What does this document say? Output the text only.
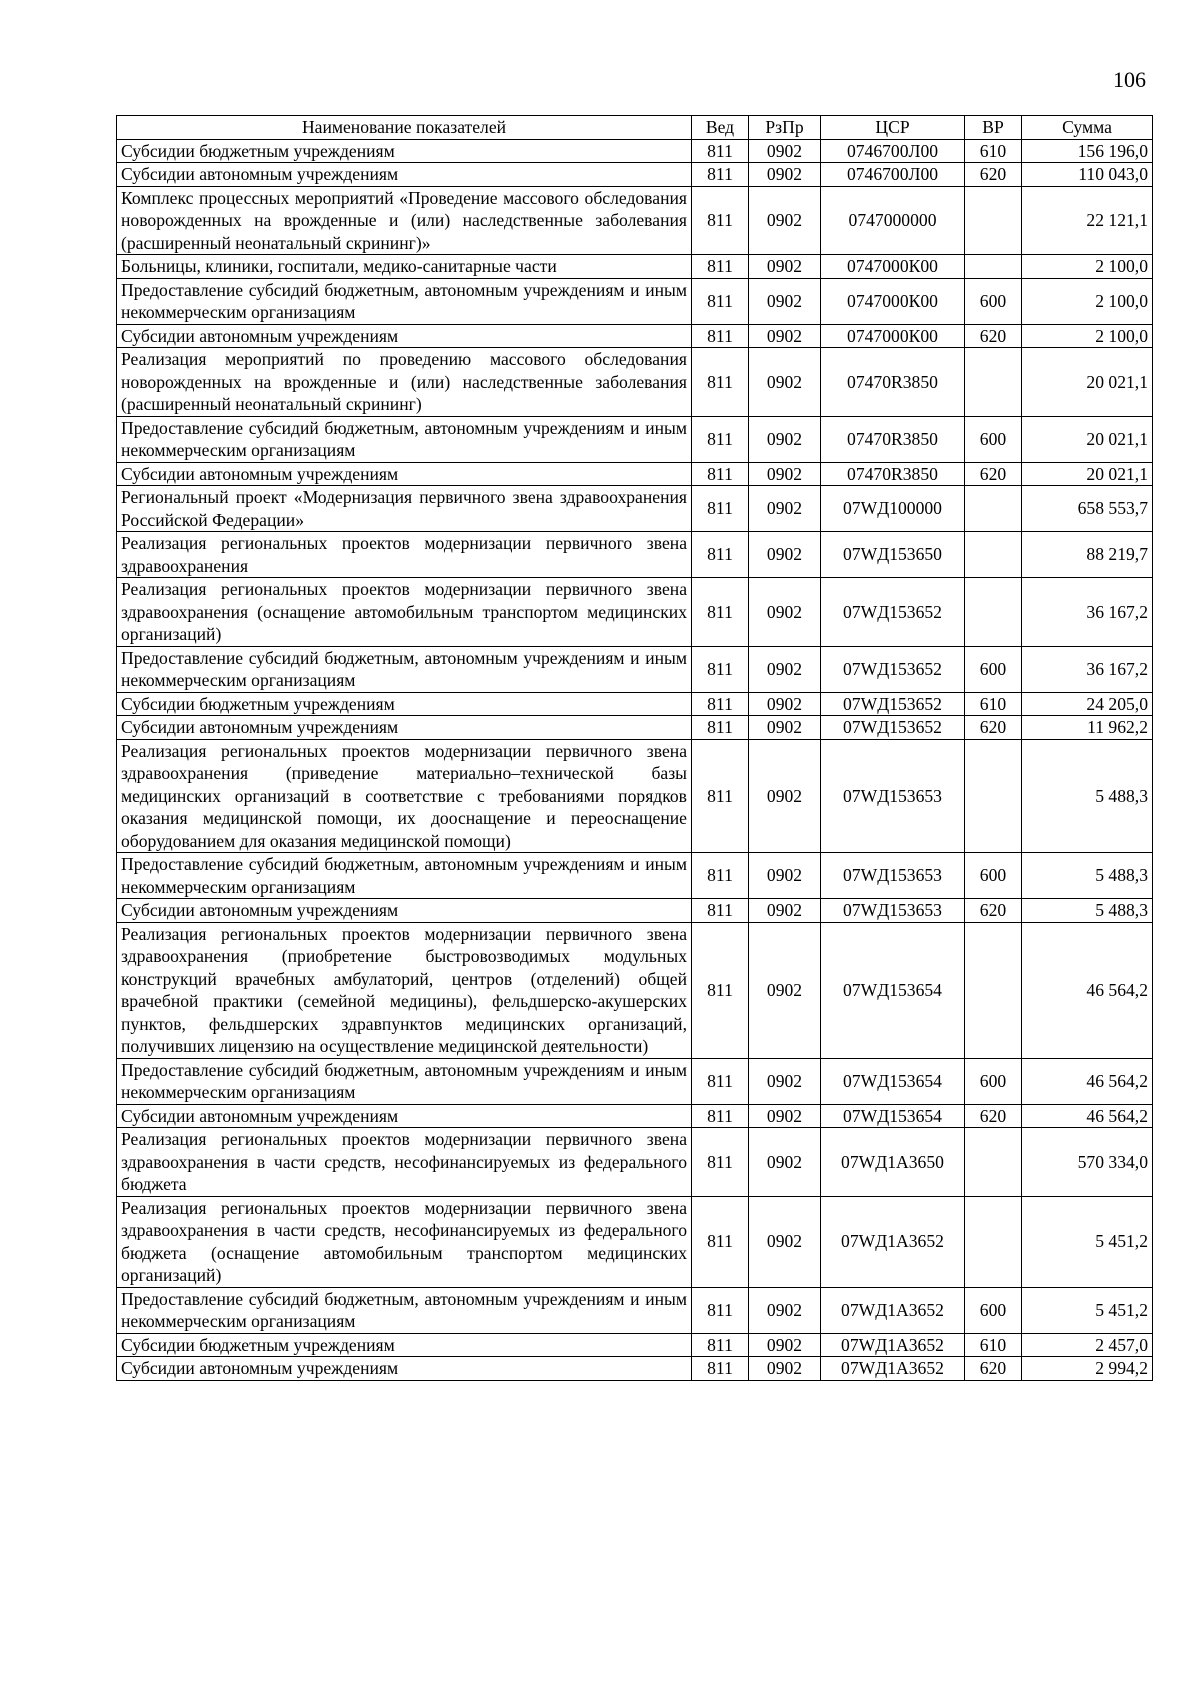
106
Наименование показателей	Вед	РзПр	ЦСР	ВР	Сумма
Субсидии бюджетным учреждениям	811	0902	0746700Л00	610	156 196,0
Субсидии автономным учреждениям	811	0902	0746700Л00	620	110 043,0
Комплекс процессных мероприятий «Проведение массового обследования новорожденных на врожденные и (или) наследственные заболевания (расширенный неонатальный скрининг)»	811	0902	0747000000		22 121,1
Больницы, клиники, госпитали, медико-санитарные части	811	0902	0747000К00		2 100,0
Предоставление субсидий бюджетным, автономным учреждениям и иным некоммерческим организациям	811	0902	0747000К00	600	2 100,0
Субсидии автономным учреждениям	811	0902	0747000К00	620	2 100,0
Реализация мероприятий по проведению массового обследования новорожденных на врожденные и (или) наследственные заболевания (расширенный неонатальный скрининг)	811	0902	07470R3850		20 021,1
Предоставление субсидий бюджетным, автономным учреждениям и иным некоммерческим организациям	811	0902	07470R3850	600	20 021,1
Субсидии автономным учреждениям	811	0902	07470R3850	620	20 021,1
Региональный проект «Модернизация первичного звена здравоохранения Российской Федерации»	811	0902	07WД100000		658 553,7
Реализация региональных проектов модернизации первичного звена здравоохранения	811	0902	07WД153650		88 219,7
Реализация региональных проектов модернизации первичного звена здравоохранения (оснащение автомобильным транспортом медицинских организаций)	811	0902	07WД153652		36 167,2
Предоставление субсидий бюджетным, автономным учреждениям и иным некоммерческим организациям	811	0902	07WД153652	600	36 167,2
Субсидии бюджетным учреждениям	811	0902	07WД153652	610	24 205,0
Субсидии автономным учреждениям	811	0902	07WД153652	620	11 962,2
Реализация региональных проектов модернизации первичного звена здравоохранения (приведение материально–технической базы медицинских организаций в соответствие с требованиями порядков оказания медицинской помощи, их дооснащение и переоснащение оборудованием для оказания медицинской помощи)	811	0902	07WД153653		5 488,3
Предоставление субсидий бюджетным, автономным учреждениям и иным некоммерческим организациям	811	0902	07WД153653	600	5 488,3
Субсидии автономным учреждениям	811	0902	07WД153653	620	5 488,3
Реализация региональных проектов модернизации первичного звена здравоохранения (приобретение быстровозводимых модульных конструкций врачебных амбулаторий, центров (отделений) общей врачебной практики (семейной медицины), фельдшерско-акушерских пунктов, фельдшерских здравпунктов медицинских организаций, получивших лицензию на осуществление медицинской деятельности)	811	0902	07WД153654		46 564,2
Предоставление субсидий бюджетным, автономным учреждениям и иным некоммерческим организациям	811	0902	07WД153654	600	46 564,2
Субсидии автономным учреждениям	811	0902	07WД153654	620	46 564,2
Реализация региональных проектов модернизации первичного звена здравоохранения в части средств, несофинансируемых из федерального бюджета	811	0902	07WД1А3650		570 334,0
Реализация региональных проектов модернизации первичного звена здравоохранения в части средств, несофинансируемых из федерального бюджета (оснащение автомобильным транспортом медицинских организаций)	811	0902	07WД1А3652		5 451,2
Предоставление субсидий бюджетным, автономным учреждениям и иным некоммерческим организациям	811	0902	07WД1А3652	600	5 451,2
Субсидии бюджетным учреждениям	811	0902	07WД1А3652	610	2 457,0
Субсидии автономным учреждениям	811	0902	07WД1А3652	620	2 994,2
